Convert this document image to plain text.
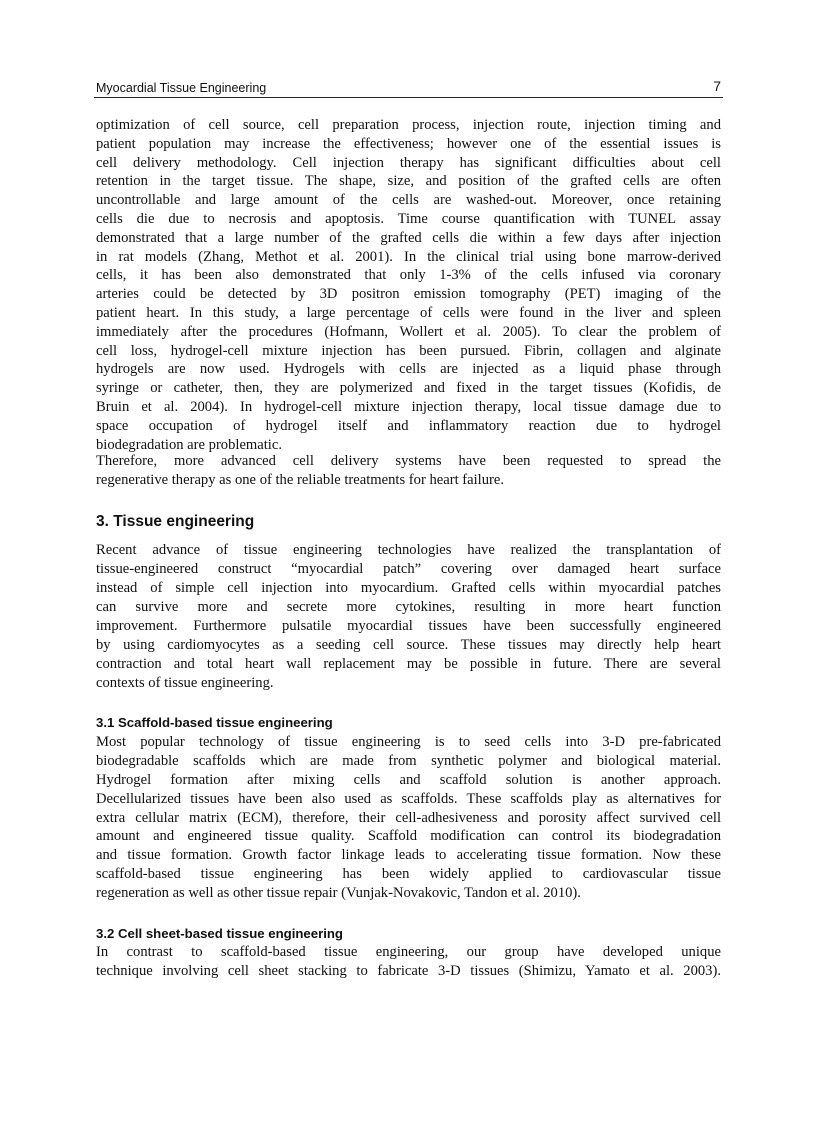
Myocardial Tissue Engineering	7
optimization of cell source, cell preparation process, injection route, injection timing and
patient population may increase the effectiveness; however one of the essential issues is
cell delivery methodology. Cell injection therapy has significant difficulties about cell
retention in the target tissue. The shape, size, and position of the grafted cells are often
uncontrollable and large amount of the cells are washed-out. Moreover, once retaining
cells die due to necrosis and apoptosis. Time course quantification with TUNEL assay
demonstrated that a large number of the grafted cells die within a few days after injection
in rat models (Zhang, Methot et al. 2001). In the clinical trial using bone marrow-derived
cells, it has been also demonstrated that only 1-3% of the cells infused via coronary
arteries could be detected by 3D positron emission tomography (PET) imaging of the
patient heart. In this study, a large percentage of cells were found in the liver and spleen
immediately after the procedures (Hofmann, Wollert et al. 2005). To clear the problem of
cell loss, hydrogel-cell mixture injection has been pursued. Fibrin, collagen and alginate
hydrogels are now used. Hydrogels with cells are injected as a liquid phase through
syringe or catheter, then, they are polymerized and fixed in the target tissues (Kofidis, de
Bruin et al. 2004). In hydrogel-cell mixture injection therapy, local tissue damage due to
space occupation of hydrogel itself and inflammatory reaction due to hydrogel
biodegradation are problematic.
Therefore, more advanced cell delivery systems have been requested to spread the
regenerative therapy as one of the reliable treatments for heart failure.
3. Tissue engineering
Recent advance of tissue engineering technologies have realized the transplantation of
tissue-engineered construct “myocardial patch” covering over damaged heart surface
instead of simple cell injection into myocardium. Grafted cells within myocardial patches
can survive more and secrete more cytokines, resulting in more heart function
improvement. Furthermore pulsatile myocardial tissues have been successfully engineered
by using cardiomyocytes as a seeding cell source. These tissues may directly help heart
contraction and total heart wall replacement may be possible in future. There are several
contexts of tissue engineering.
3.1 Scaffold-based tissue engineering
Most popular technology of tissue engineering is to seed cells into 3-D pre-fabricated
biodegradable scaffolds which are made from synthetic polymer and biological material.
Hydrogel formation after mixing cells and scaffold solution is another approach.
Decellularized tissues have been also used as scaffolds. These scaffolds play as alternatives for
extra cellular matrix (ECM), therefore, their cell-adhesiveness and porosity affect survived cell
amount and engineered tissue quality. Scaffold modification can control its biodegradation
and tissue formation. Growth factor linkage leads to accelerating tissue formation. Now these
scaffold-based tissue engineering has been widely applied to cardiovascular tissue
regeneration as well as other tissue repair (Vunjak-Novakovic, Tandon et al. 2010).
3.2 Cell sheet-based tissue engineering
In contrast to scaffold-based tissue engineering, our group have developed unique
technique involving cell sheet stacking to fabricate 3-D tissues (Shimizu, Yamato et al. 2003).
